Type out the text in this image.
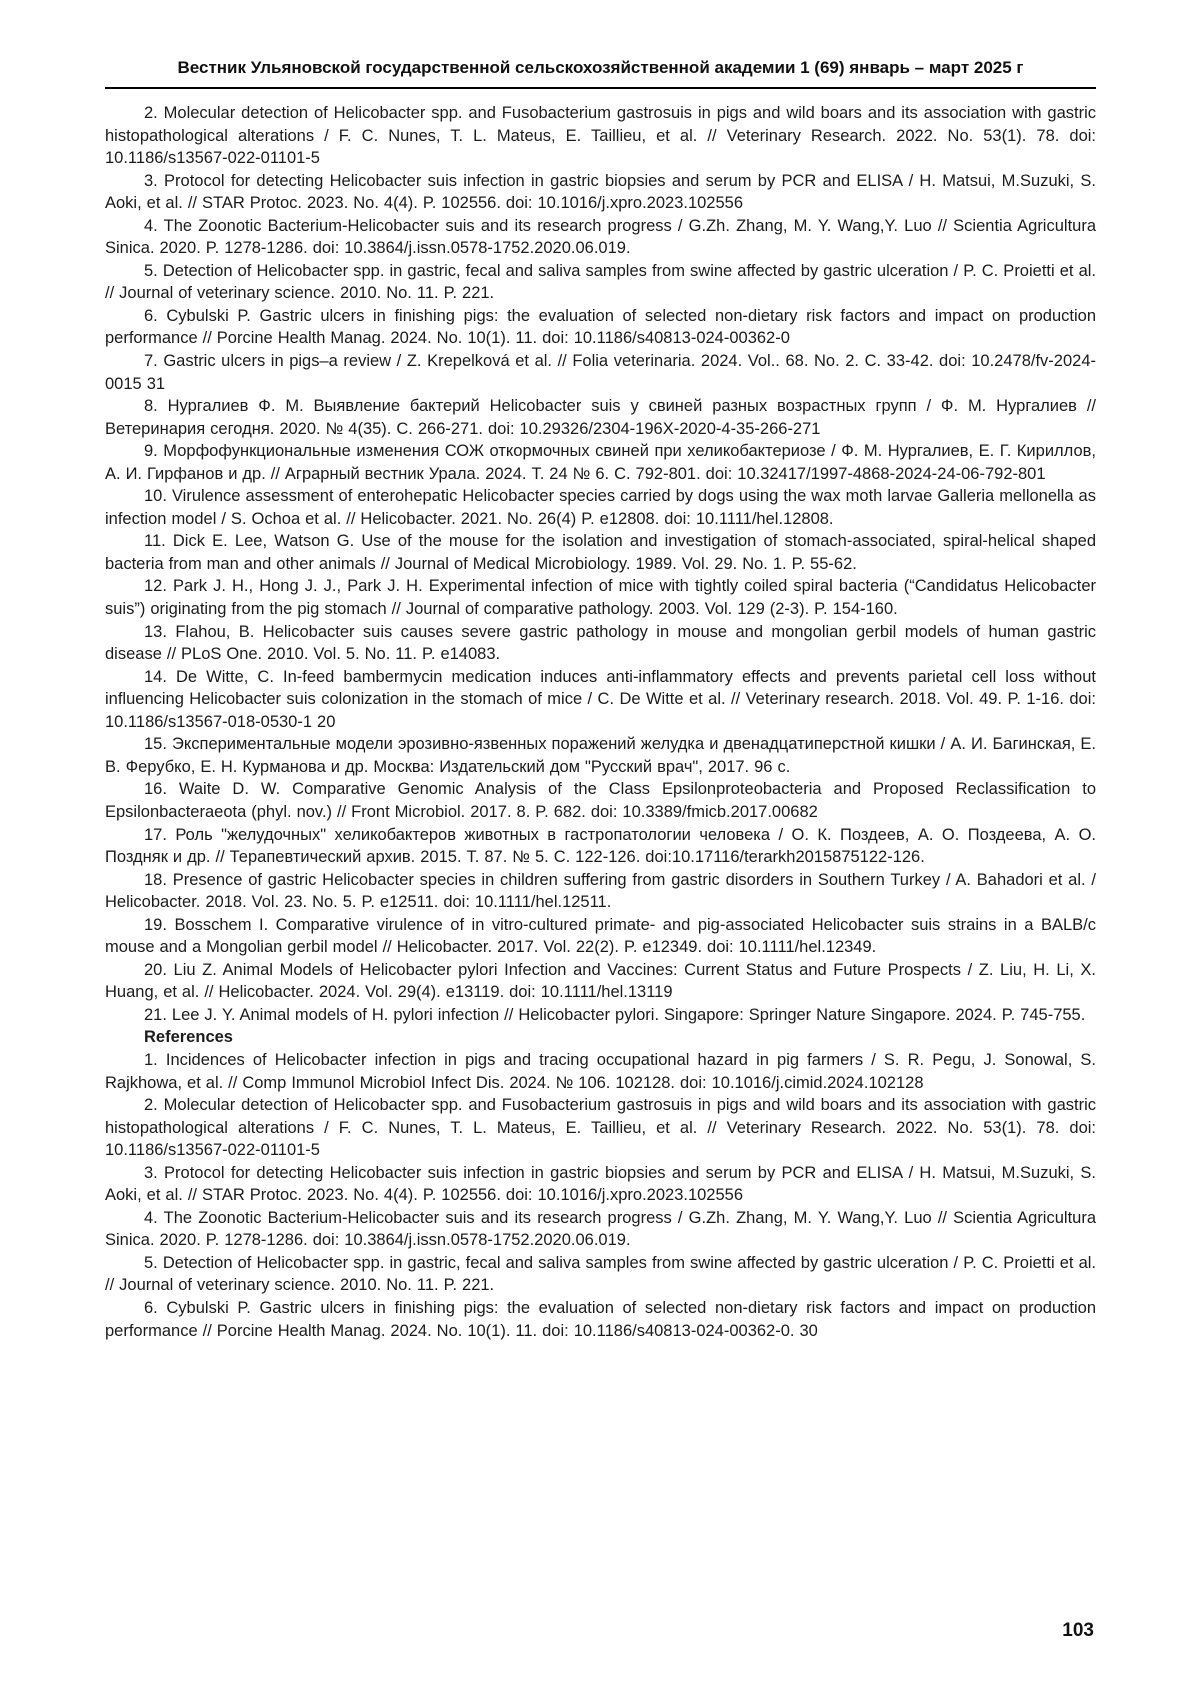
Вестник Ульяновской государственной сельскохозяйственной академии 1 (69) январь – март 2025 г

2. Molecular detection of Helicobacter spp. and Fusobacterium gastrosuis in pigs and wild boars and its association with gastric histopathological alterations / F. C. Nunes, T. L. Mateus, E. Taillieu, et al. // Veterinary Research. 2022. No. 53(1). 78. doi: 10.1186/s13567-022-01101-5

3. Protocol for detecting Helicobacter suis infection in gastric biopsies and serum by PCR and ELISA / H. Matsui, M.Suzuki, S. Aoki, et al. // STAR Protoc. 2023. No. 4(4). P. 102556. doi: 10.1016/j.xpro.2023.102556

4. The Zoonotic Bacterium-Helicobacter suis and its research progress / G.Zh. Zhang, M. Y. Wang,Y. Luo // Scientia Agricultura Sinica. 2020. P. 1278-1286. doi: 10.3864/j.issn.0578-1752.2020.06.019.

5. Detection of Helicobacter spp. in gastric, fecal and saliva samples from swine affected by gastric ulceration / P. C. Proietti et al. // Journal of veterinary science. 2010. No. 11. P. 221.

6. Cybulski P. Gastric ulcers in finishing pigs: the evaluation of selected non-dietary risk factors and impact on production performance // Porcine Health Manag. 2024. No. 10(1). 11. doi: 10.1186/s40813-024-00362-0

7. Gastric ulcers in pigs–a review / Z. Krepelková et al. // Folia veterinaria. 2024. Vol.. 68. No. 2. С. 33-42. doi: 10.2478/fv-2024-0015 31

8. Нургалиев Ф. М. Выявление бактерий Helicobacter suis у свиней разных возрастных групп / Ф. М. Нургалиев // Ветеринария сегодня. 2020. № 4(35). С. 266-271. doi: 10.29326/2304-196X-2020-4-35-266-271

9. Морфофункциональные изменения СОЖ откормочных свиней при хеликобактериозе / Ф. М. Нургалиев, Е. Г. Кириллов, А. И. Гирфанов и др. // Аграрный вестник Урала. 2024. Т. 24 № 6. С. 792-801. doi: 10.32417/1997-4868-2024-24-06-792-801

10. Virulence assessment of enterohepatic Helicobacter species carried by dogs using the wax moth larvae Galleria mellonella as infection model / S. Ochoa et al. // Helicobacter. 2021. No. 26(4) P. e12808. doi: 10.1111/hel.12808.

11. Dick E. Lee, Watson G. Use of the mouse for the isolation and investigation of stomach-associated, spiral-helical shaped bacteria from man and other animals // Journal of Medical Microbiology. 1989. Vol. 29. No. 1. P. 55-62.

12. Park J. H., Hong J. J., Park J. H. Experimental infection of mice with tightly coiled spiral bacteria (“Candidatus Helicobacter suis”) originating from the pig stomach // Journal of comparative pathology. 2003. Vol. 129 (2-3). P. 154-160.

13. Flahou, B. Helicobacter suis causes severe gastric pathology in mouse and mongolian gerbil models of human gastric disease // PLoS One. 2010. Vol. 5. No. 11. P. e14083.

14. De Witte, C. In-feed bambermycin medication induces anti-inflammatory effects and prevents parietal cell loss without influencing Helicobacter suis colonization in the stomach of mice / C. De Witte et al. // Veterinary research. 2018. Vol. 49. P. 1-16. doi: 10.1186/s13567-018-0530-1 20

15. Экспериментальные модели эрозивно-язвенных поражений желудка и двенадцатиперстной кишки / А. И. Багинская, Е. В. Ферубко, Е. Н. Курманова и др. Москва: Издательский дом "Русский врач", 2017. 96 с.

16. Waite D. W. Comparative Genomic Analysis of the Class Epsilonproteobacteria and Proposed Reclassification to Epsilonbacteraeota (phyl. nov.) // Front Microbiol. 2017. 8. P. 682. doi: 10.3389/fmicb.2017.00682

17. Роль "желудочных" хеликобактеров животных в гастропатологии человека / О. К. Поздеев, А. О. Поздеева, А. О. Поздняк и др. // Терапевтический архив. 2015. Т. 87. № 5. С. 122-126. doi:10.17116/terarkh2015875122-126.

18. Presence of gastric Helicobacter species in children suffering from gastric disorders in Southern Turkey / A. Bahadori et al. / Helicobacter. 2018. Vol. 23. No. 5. P. e12511. doi: 10.1111/hel.12511.

19. Bosschem I. Comparative virulence of in vitro-cultured primate- and pig-associated Helicobacter suis strains in a BALB/c mouse and a Mongolian gerbil model // Helicobacter. 2017. Vol. 22(2). P. e12349. doi: 10.1111/hel.12349.

20. Liu Z. Animal Models of Helicobacter pylori Infection and Vaccines: Current Status and Future Prospects / Z. Liu, H. Li, X. Huang, et al. // Helicobacter. 2024. Vol. 29(4). e13119. doi: 10.1111/hel.13119

21. Lee J. Y. Animal models of H. pylori infection // Helicobacter pylori. Singapore: Springer Nature Singapore. 2024. P. 745-755.

References

1. Incidences of Helicobacter infection in pigs and tracing occupational hazard in pig farmers / S. R. Pegu, J. Sonowal, S. Rajkhowa, et al. // Comp Immunol Microbiol Infect Dis. 2024. № 106. 102128. doi: 10.1016/j.cimid.2024.102128

2. Molecular detection of Helicobacter spp. and Fusobacterium gastrosuis in pigs and wild boars and its association with gastric histopathological alterations / F. C. Nunes, T. L. Mateus, E. Taillieu, et al. // Veterinary Research. 2022. No. 53(1). 78. doi: 10.1186/s13567-022-01101-5

3. Protocol for detecting Helicobacter suis infection in gastric biopsies and serum by PCR and ELISA / H. Matsui, M.Suzuki, S. Aoki, et al. // STAR Protoc. 2023. No. 4(4). P. 102556. doi: 10.1016/j.xpro.2023.102556

4. The Zoonotic Bacterium-Helicobacter suis and its research progress / G.Zh. Zhang, M. Y. Wang,Y. Luo // Scientia Agricultura Sinica. 2020. P. 1278-1286. doi: 10.3864/j.issn.0578-1752.2020.06.019.

5. Detection of Helicobacter spp. in gastric, fecal and saliva samples from swine affected by gastric ulceration / P. C. Proietti et al. // Journal of veterinary science. 2010. No. 11. P. 221.

6. Cybulski P. Gastric ulcers in finishing pigs: the evaluation of selected non-dietary risk factors and impact on production performance // Porcine Health Manag. 2024. No. 10(1). 11. doi: 10.1186/s40813-024-00362-0. 30

103
